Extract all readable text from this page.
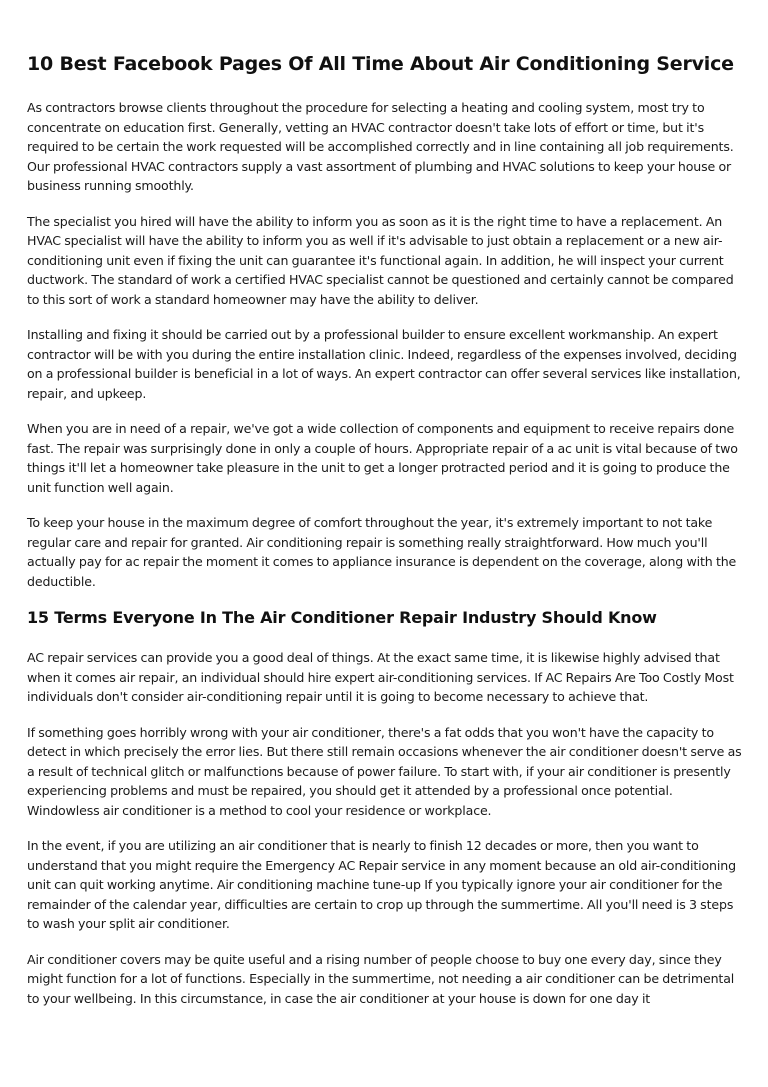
10 Best Facebook Pages Of All Time About Air Conditioning Service

As contractors browse clients throughout the procedure for selecting a heating and cooling system, most try to concentrate on education first. Generally, vetting an HVAC contractor doesn't take lots of effort or time, but it's required to be certain the work requested will be accomplished correctly and in line containing all job requirements. Our professional HVAC contractors supply a vast assortment of plumbing and HVAC solutions to keep your house or business running smoothly.

The specialist you hired will have the ability to inform you as soon as it is the right time to have a replacement. An HVAC specialist will have the ability to inform you as well if it's advisable to just obtain a replacement or a new air-conditioning unit even if fixing the unit can guarantee it's functional again. In addition, he will inspect your current ductwork. The standard of work a certified HVAC specialist cannot be questioned and certainly cannot be compared to this sort of work a standard homeowner may have the ability to deliver.

Installing and fixing it should be carried out by a professional builder to ensure excellent workmanship. An expert contractor will be with you during the entire installation clinic. Indeed, regardless of the expenses involved, deciding on a professional builder is beneficial in a lot of ways. An expert contractor can offer several services like installation, repair, and upkeep.

When you are in need of a repair, we've got a wide collection of components and equipment to receive repairs done fast. The repair was surprisingly done in only a couple of hours. Appropriate repair of a ac unit is vital because of two things it'll let a homeowner take pleasure in the unit to get a longer protracted period and it is going to produce the unit function well again.

To keep your house in the maximum degree of comfort throughout the year, it's extremely important to not take regular care and repair for granted. Air conditioning repair is something really straightforward. How much you'll actually pay for ac repair the moment it comes to appliance insurance is dependent on the coverage, along with the deductible.

15 Terms Everyone In The Air Conditioner Repair Industry Should Know

AC repair services can provide you a good deal of things. At the exact same time, it is likewise highly advised that when it comes air repair, an individual should hire expert air-conditioning services. If AC Repairs Are Too Costly Most individuals don't consider air-conditioning repair until it is going to become necessary to achieve that.

If something goes horribly wrong with your air conditioner, there's a fat odds that you won't have the capacity to detect in which precisely the error lies. But there still remain occasions whenever the air conditioner doesn't serve as a result of technical glitch or malfunctions because of power failure. To start with, if your air conditioner is presently experiencing problems and must be repaired, you should get it attended by a professional once potential. Windowless air conditioner is a method to cool your residence or workplace.

In the event, if you are utilizing an air conditioner that is nearly to finish 12 decades or more, then you want to understand that you might require the Emergency AC Repair service in any moment because an old air-conditioning unit can quit working anytime. Air conditioning machine tune-up If you typically ignore your air conditioner for the remainder of the calendar year, difficulties are certain to crop up through the summertime. All you'll need is 3 steps to wash your split air conditioner.

Air conditioner covers may be quite useful and a rising number of people choose to buy one every day, since they might function for a lot of functions. Especially in the summertime, not needing a air conditioner can be detrimental to your wellbeing. In this circumstance, in case the air conditioner at your house is down for one day it
